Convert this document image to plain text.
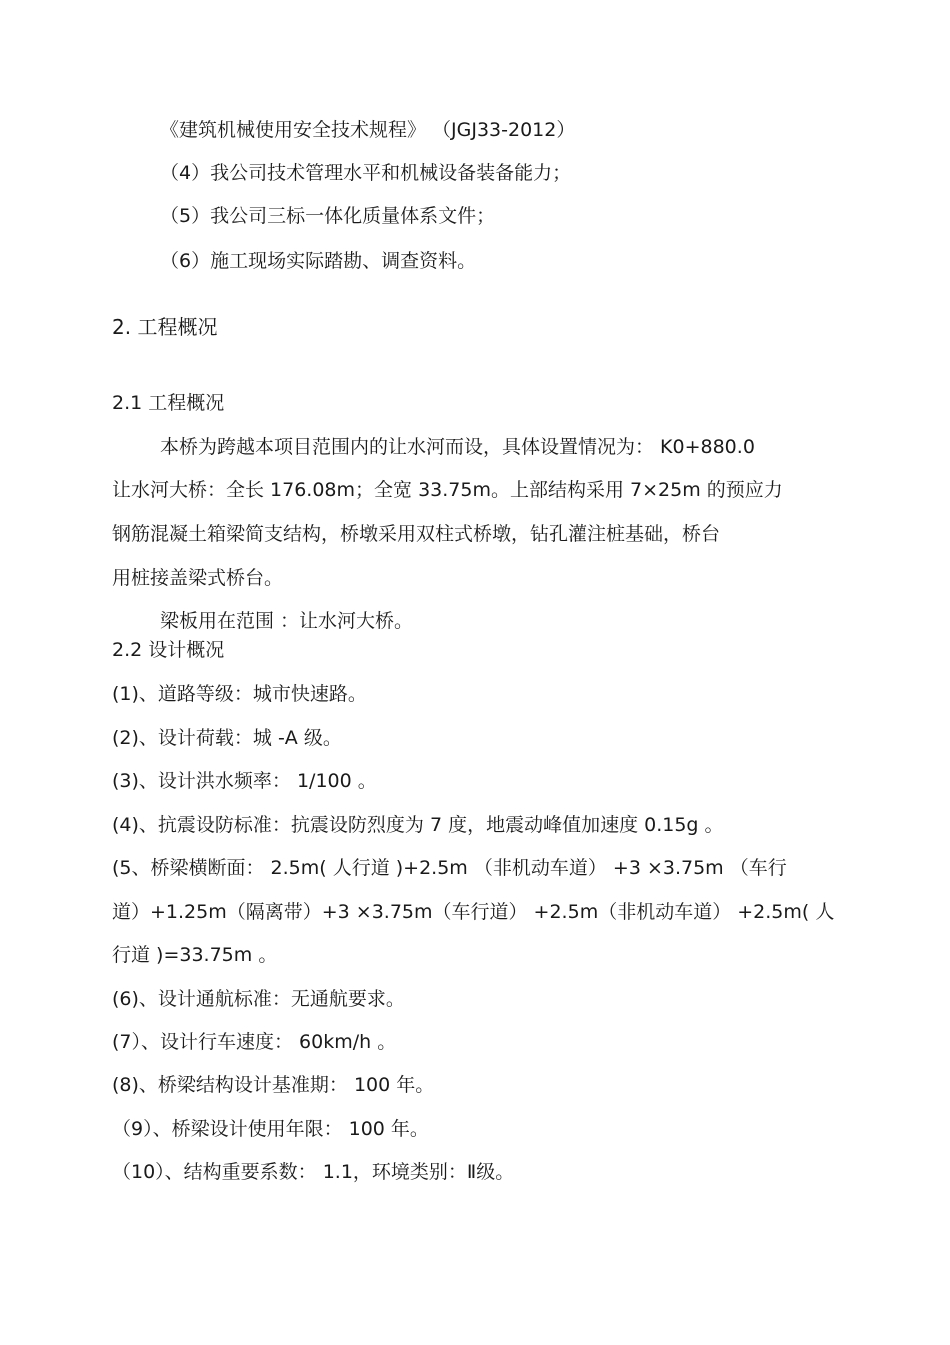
《建筑机械使用安全技术规程》 （JGJ33-2012）
（4）我公司技术管理水平和机械设备装备能力；
（5）我公司三标一体化质量体系文件；
（6）施工现场实际踏勘、调查资料。
2. 工程概况
2.1 工程概况
本桥为跨越本项目范围内的让水河而设，具体设置情况为： K0+880.0
让水河大桥：全长 176.08m；全宽 33.75m。上部结构采用 7×25m 的预应力
钢筋混凝土箱梁简支结构，桥墩采用双柱式桥墩，钻孔灌注桩基础，桥台
用桩接盖梁式桥台。
梁板用在范围 ：让水河大桥。
2.2 设计概况
(1)、道路等级：城市快速路。
(2)、设计荷载：城 -A 级。
(3)、设计洪水频率： 1/100 。
(4)、抗震设防标准：抗震设防烈度为 7 度，地震动峰值加速度 0.15g 。
(5、桥梁横断面： 2.5m( 人行道 )+2.5m （非机动车道） +3 ×3.75m （车行
道）+1.25m（隔离带）+3 ×3.75m（车行道） +2.5m（非机动车道） +2.5m( 人
行道 )=33.75m 。
(6)、设计通航标准：无通航要求。
(7）、设计行车速度： 60km/h 。
(8)、桥梁结构设计基准期： 100 年。
（9）、桥梁设计使用年限： 100 年。
（10）、结构重要系数： 1.1，环境类别：Ⅱ级。
